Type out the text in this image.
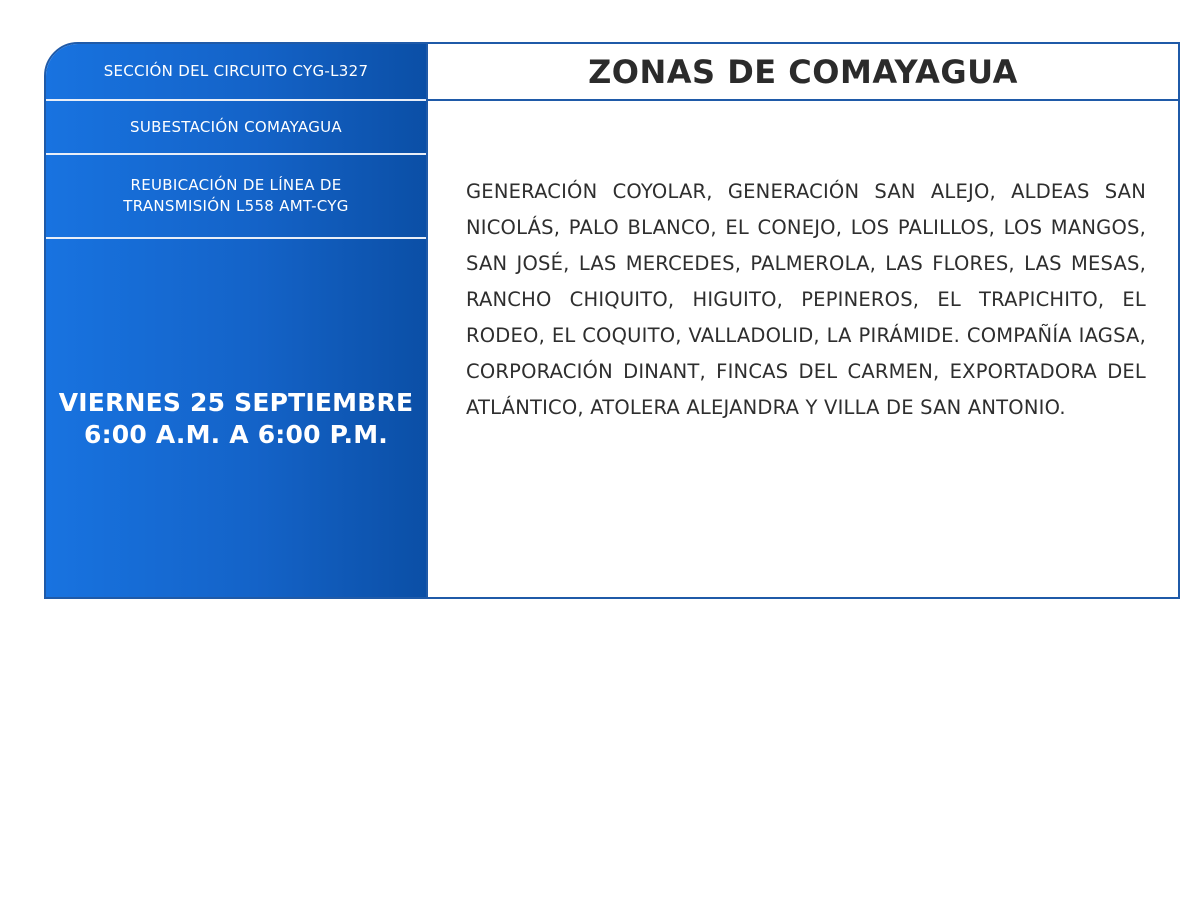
SECCIÓN DEL CIRCUITO CYG-L327
SUBESTACIÓN COMAYAGUA
REUBICACIÓN DE LÍNEA DE
TRANSMISIÓN L558 AMT-CYG
VIERNES 25 SEPTIEMBRE
6:00 A.M. A 6:00 P.M.
ZONAS DE COMAYAGUA
GENERACIÓN COYOLAR, GENERACIÓN SAN ALEJO, ALDEAS SAN NICOLÁS, PALO BLANCO, EL CONEJO, LOS PALILLOS, LOS MANGOS, SAN JOSÉ, LAS MERCEDES, PALMEROLA, LAS FLORES, LAS MESAS, RANCHO CHIQUITO, HIGUITO, PEPINEROS, EL TRAPICHITO, EL RODEO, EL COQUITO, VALLADOLID, LA PIRÁMIDE. COMPAÑÍA IAGSA, CORPORACIÓN DINANT, FINCAS DEL CARMEN, EXPORTADORA DEL ATLÁNTICO, ATOLERA ALEJANDRA Y VILLA DE SAN ANTONIO.
